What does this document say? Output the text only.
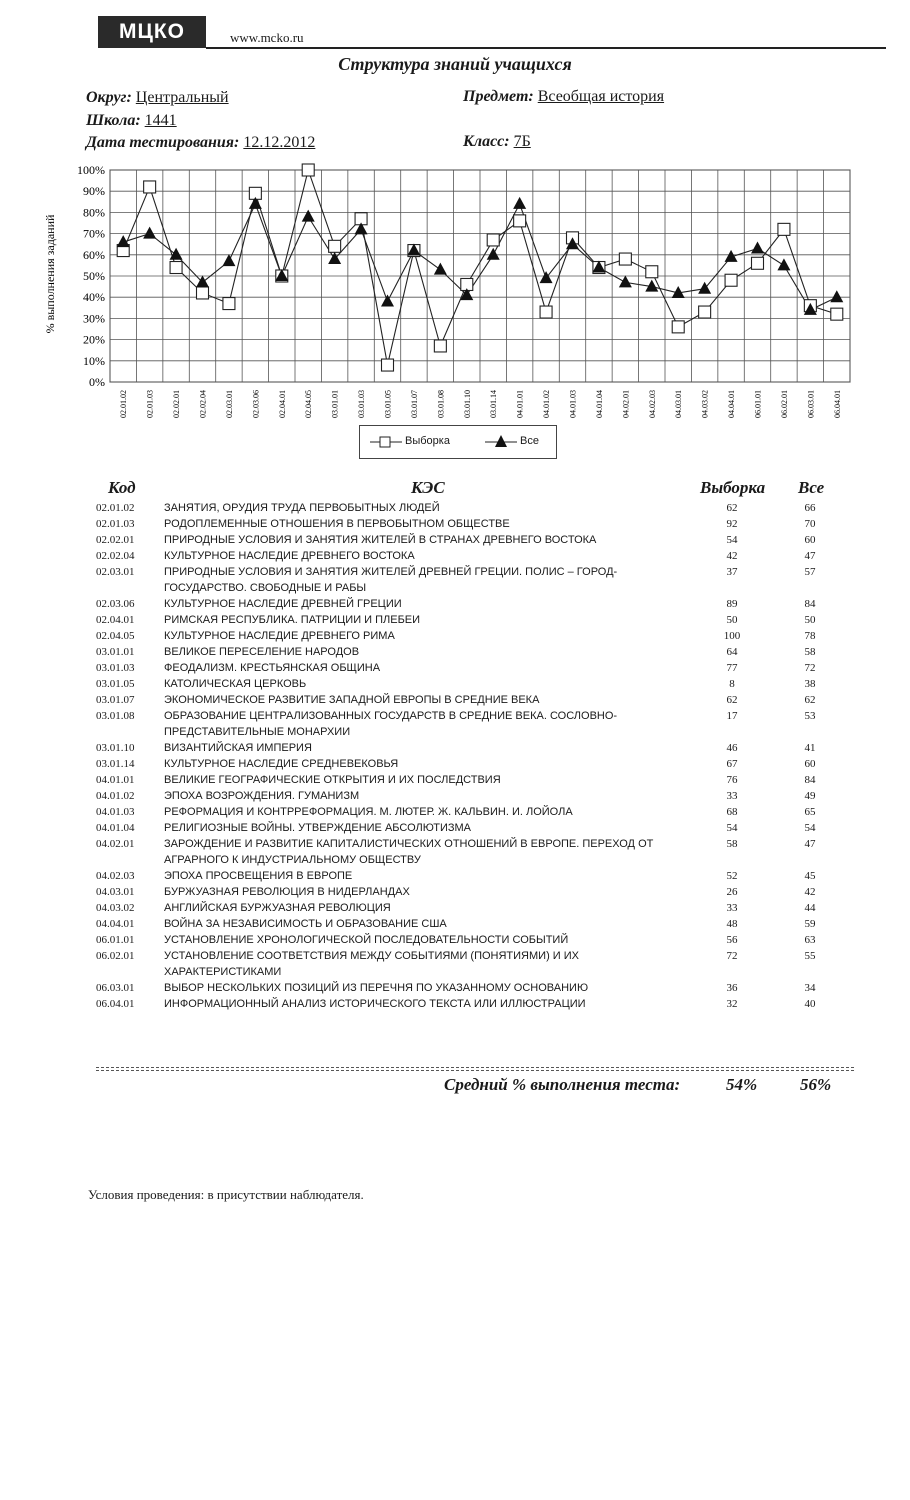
МЦКО	www.mcko.ru
Структура знаний учащихся
Округ: Центральный
Школа: 1441
Дата тестирования: 12.12.2012
Предмет: Всеобщая история
Класс: 7Б
% выполнения заданий
0%
10%
20%
30%
40%
50%
60%
70%
80%
90%
100%
02.01.02 02.01.03 02.02.01 02.02.04 02.03.01 02.03.06 02.04.01 02.04.05 03.01.01 03.01.03 03.01.05 03.01.07 03.01.08 03.01.10 03.01.14 04.01.01 04.01.02 04.01.03 04.01.04 04.02.01 04.02.03 04.03.01 04.03.02 04.04.01 06.01.01 06.02.01 06.03.01 06.04.01
Выборка	Все
Код	КЭС	Выборка Все
02.01.02	ЗАНЯТИЯ, ОРУДИЯ ТРУДА ПЕРВОБЫТНЫХ ЛЮДЕЙ	62	66
02.01.03	РОДОПЛЕМЕННЫЕ ОТНОШЕНИЯ В ПЕРВОБЫТНОМ ОБЩЕСТВЕ	92	70
02.02.01	ПРИРОДНЫЕ УСЛОВИЯ И ЗАНЯТИЯ ЖИТЕЛЕЙ В СТРАНАХ ДРЕВНЕГО ВОСТОКА	54	60
02.02.04	КУЛЬТУРНОЕ НАСЛЕДИЕ ДРЕВНЕГО ВОСТОКА	42	47
02.03.01	ПРИРОДНЫЕ УСЛОВИЯ И ЗАНЯТИЯ ЖИТЕЛЕЙ ДРЕВНЕЙ ГРЕЦИИ. ПОЛИС – ГОРОД-ГОСУДАРСТВО. СВОБОДНЫЕ И РАБЫ	37	57
02.03.06	КУЛЬТУРНОЕ НАСЛЕДИЕ ДРЕВНЕЙ ГРЕЦИИ	89	84
02.04.01	РИМСКАЯ РЕСПУБЛИКА. ПАТРИЦИИ И ПЛЕБЕИ	50	50
02.04.05	КУЛЬТУРНОЕ НАСЛЕДИЕ ДРЕВНЕГО РИМА	100	78
03.01.01	ВЕЛИКОЕ ПЕРЕСЕЛЕНИЕ НАРОДОВ	64	58
03.01.03	ФЕОДАЛИЗМ. КРЕСТЬЯНСКАЯ ОБЩИНА	77	72
03.01.05	КАТОЛИЧЕСКАЯ ЦЕРКОВЬ	8	38
03.01.07	ЭКОНОМИЧЕСКОЕ РАЗВИТИЕ ЗАПАДНОЙ ЕВРОПЫ В СРЕДНИЕ ВЕКА	62	62
03.01.08	ОБРАЗОВАНИЕ ЦЕНТРАЛИЗОВАННЫХ ГОСУДАРСТВ В СРЕДНИЕ ВЕКА. СОСЛОВНО-ПРЕДСТАВИТЕЛЬНЫЕ МОНАРХИИ	17	53
03.01.10	ВИЗАНТИЙСКАЯ ИМПЕРИЯ	46	41
03.01.14	КУЛЬТУРНОЕ НАСЛЕДИЕ СРЕДНЕВЕКОВЬЯ	67	60
04.01.01	ВЕЛИКИЕ ГЕОГРАФИЧЕСКИЕ ОТКРЫТИЯ И ИХ ПОСЛЕДСТВИЯ	76	84
04.01.02	ЭПОХА ВОЗРОЖДЕНИЯ. ГУМАНИЗМ	33	49
04.01.03	РЕФОРМАЦИЯ И КОНТРРЕФОРМАЦИЯ. М. ЛЮТЕР. Ж. КАЛЬВИН. И. ЛОЙОЛА	68	65
04.01.04	РЕЛИГИОЗНЫЕ ВОЙНЫ. УТВЕРЖДЕНИЕ АБСОЛЮТИЗМА	54	54
04.02.01	ЗАРОЖДЕНИЕ И РАЗВИТИЕ КАПИТАЛИСТИЧЕСКИХ ОТНОШЕНИЙ В ЕВРОПЕ. ПЕРЕХОД ОТ АГРАРНОГО К ИНДУСТРИАЛЬНОМУ ОБЩЕСТВУ	58	47
04.02.03	ЭПОХА ПРОСВЕЩЕНИЯ В ЕВРОПЕ	52	45
04.03.01	БУРЖУАЗНАЯ РЕВОЛЮЦИЯ В НИДЕРЛАНДАХ	26	42
04.03.02	АНГЛИЙСКАЯ БУРЖУАЗНАЯ РЕВОЛЮЦИЯ	33	44
04.04.01	ВОЙНА ЗА НЕЗАВИСИМОСТЬ И ОБРАЗОВАНИЕ США	48	59
06.01.01	УСТАНОВЛЕНИЕ ХРОНОЛОГИЧЕСКОЙ ПОСЛЕДОВАТЕЛЬНОСТИ СОБЫТИЙ	56	63
06.02.01	УСТАНОВЛЕНИЕ СООТВЕТСТВИЯ МЕЖДУ СОБЫТИЯМИ (ПОНЯТИЯМИ) И ИХ ХАРАКТЕРИСТИКАМИ	72	55
06.03.01	ВЫБОР НЕСКОЛЬКИХ ПОЗИЦИЙ ИЗ ПЕРЕЧНЯ ПО УКАЗАННОМУ ОСНОВАНИЮ	36	34
06.04.01	ИНФОРМАЦИОННЫЙ АНАЛИЗ ИСТОРИЧЕСКОГО ТЕКСТА ИЛИ ИЛЛЮСТРАЦИИ	32	40
Средний % выполнения теста:	54%	56%
Условия проведения: в присутствии наблюдателя.
